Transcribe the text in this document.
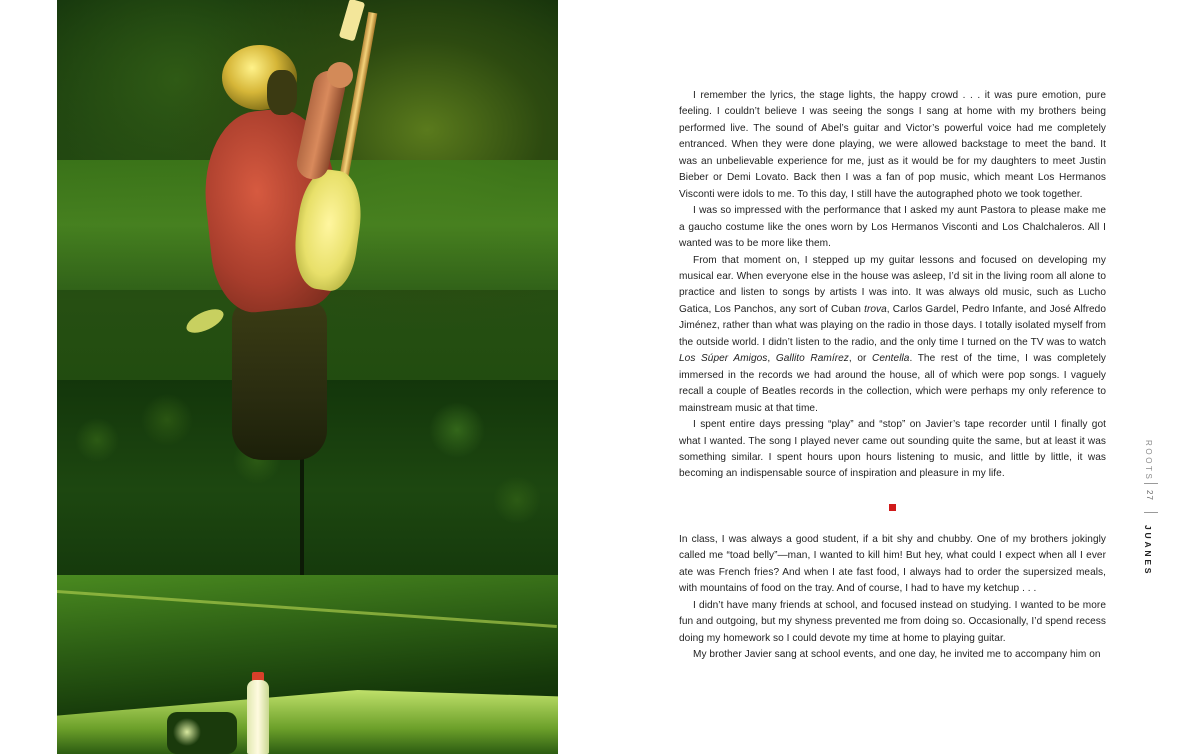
I remember the lyrics, the stage lights, the happy crowd . . . it was pure emotion, pure feeling. I couldn’t believe I was seeing the songs I sang at home with my brothers being performed live. The sound of Abel’s guitar and Victor’s powerful voice had me completely entranced. When they were done playing, we were allowed backstage to meet the band. It was an unbelievable experience for me, just as it would be for my daughters to meet Justin Bieber or Demi Lovato. Back then I was a fan of pop music, which meant Los Hermanos Visconti were idols to me. To this day, I still have the autographed photo we took together.

I was so impressed with the performance that I asked my aunt Pastora to please make me a gaucho costume like the ones worn by Los Hermanos Visconti and Los Chalchaleros. All I wanted was to be more like them.

From that moment on, I stepped up my guitar lessons and focused on developing my musical ear. When everyone else in the house was asleep, I’d sit in the living room all alone to practice and listen to songs by artists I was into. It was always old music, such as Lucho Gatica, Los Panchos, any sort of Cuban trova, Carlos Gardel, Pedro Infante, and José Alfredo Jiménez, rather than what was playing on the radio in those days. I totally isolated myself from the outside world. I didn’t listen to the radio, and the only time I turned on the TV was to watch Los Súper Amigos, Gallito Ramírez, or Centella. The rest of the time, I was completely immersed in the records we had around the house, all of which were pop songs. I vaguely recall a couple of Beatles records in the collection, which were perhaps my only reference to mainstream music at that time.

I spent entire days pressing “play” and “stop” on Javier’s tape recorder until I finally got what I wanted. The song I played never came out sounding quite the same, but at least it was something similar. I spent hours upon hours listening to music, and little by little, it was becoming an indispensable source of inspiration and pleasure in my life.

In class, I was always a good student, if a bit shy and chubby. One of my brothers jokingly called me “toad belly”—man, I wanted to kill him! But hey, what could I expect when all I ever ate was French fries? And when I ate fast food, I always had to order the supersized meals, with mountains of food on the tray. And of course, I had to have my ketchup . . .

I didn’t have many friends at school, and focused instead on studying. I wanted to be more fun and outgoing, but my shyness prevented me from doing so. Occasionally, I’d spend recess doing my homework so I could devote my time at home to playing guitar.

My brother Javier sang at school events, and one day, he invited me to accompany him on

ROOTS
27
JUANES
